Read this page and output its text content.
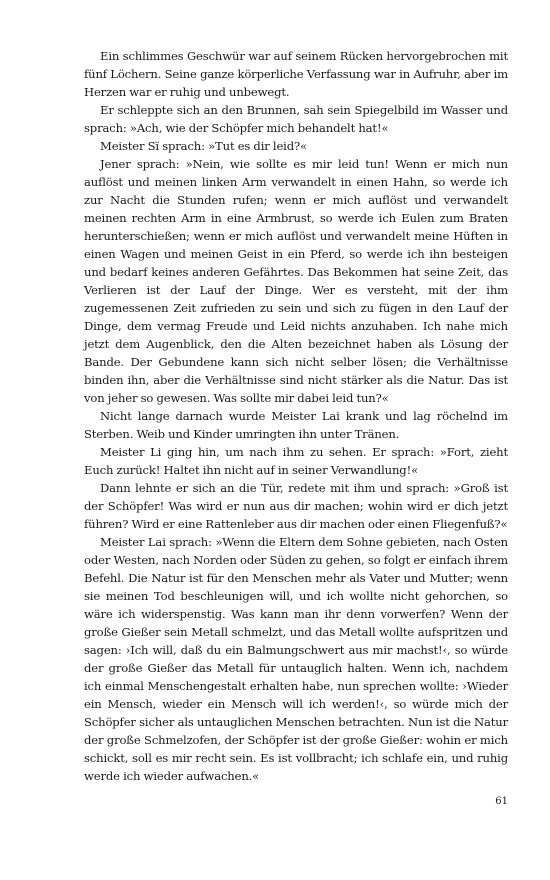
Ein schlimmes Geschwür war auf seinem Rücken hervorgebrochen mit fünf Löchern. Seine ganze körperliche Verfassung war in Aufruhr, aber im Herzen war er ruhig und unbewegt.

Er schleppte sich an den Brunnen, sah sein Spiegelbild im Wasser und sprach: »Ach, wie der Schöpfer mich behandelt hat!«

Meister Sï sprach: »Tut es dir leid?«

Jener sprach: »Nein, wie sollte es mir leid tun! Wenn er mich nun auflöst und meinen linken Arm verwandelt in einen Hahn, so werde ich zur Nacht die Stunden rufen; wenn er mich auflöst und verwandelt meinen rechten Arm in eine Armbrust, so werde ich Eulen zum Braten herunterschießen; wenn er mich auflöst und verwandelt meine Hüften in einen Wagen und meinen Geist in ein Pferd, so werde ich ihn besteigen und bedarf keines anderen Gefährtes. Das Bekommen hat seine Zeit, das Verlieren ist der Lauf der Dinge. Wer es versteht, mit der ihm zugemessenen Zeit zufrieden zu sein und sich zu fügen in den Lauf der Dinge, dem vermag Freude und Leid nichts anzuhaben. Ich nahe mich jetzt dem Augenblick, den die Alten bezeichnet haben als Lösung der Bande. Der Gebundene kann sich nicht selber lösen; die Verhältnisse binden ihn, aber die Verhältnisse sind nicht stärker als die Natur. Das ist von jeher so gewesen. Was sollte mir dabei leid tun?«

Nicht lange darnach wurde Meister Lai krank und lag röchelnd im Sterben. Weib und Kinder umringten ihn unter Tränen.

Meister Li ging hin, um nach ihm zu sehen. Er sprach: »Fort, zieht Euch zurück! Haltet ihn nicht auf in seiner Verwandlung!«

Dann lehnte er sich an die Tür, redete mit ihm und sprach: »Groß ist der Schöpfer! Was wird er nun aus dir machen; wohin wird er dich jetzt führen? Wird er eine Rattenleber aus dir machen oder einen Fliegenfuß?«

Meister Lai sprach: »Wenn die Eltern dem Sohne gebieten, nach Osten oder Westen, nach Norden oder Süden zu gehen, so folgt er einfach ihrem Befehl. Die Natur ist für den Menschen mehr als Vater und Mutter; wenn sie meinen Tod beschleunigen will, und ich wollte nicht gehorchen, so wäre ich widerspenstig. Was kann man ihr denn vorwerfen? Wenn der große Gießer sein Metall schmelzt, und das Metall wollte aufspritzen und sagen: ›Ich will, daß du ein Balmungschwert aus mir machst!‹, so würde der große Gießer das Metall für untauglich halten. Wenn ich, nachdem ich einmal Menschengestalt erhalten habe, nun sprechen wollte: ›Wieder ein Mensch, wieder ein Mensch will ich werden!‹, so würde mich der Schöpfer sicher als untauglichen Menschen betrachten. Nun ist die Natur der große Schmelzofen, der Schöpfer ist der große Gießer: wohin er mich schickt, soll es mir recht sein. Es ist vollbracht; ich schlafe ein, und ruhig werde ich wieder aufwachen.«

61
